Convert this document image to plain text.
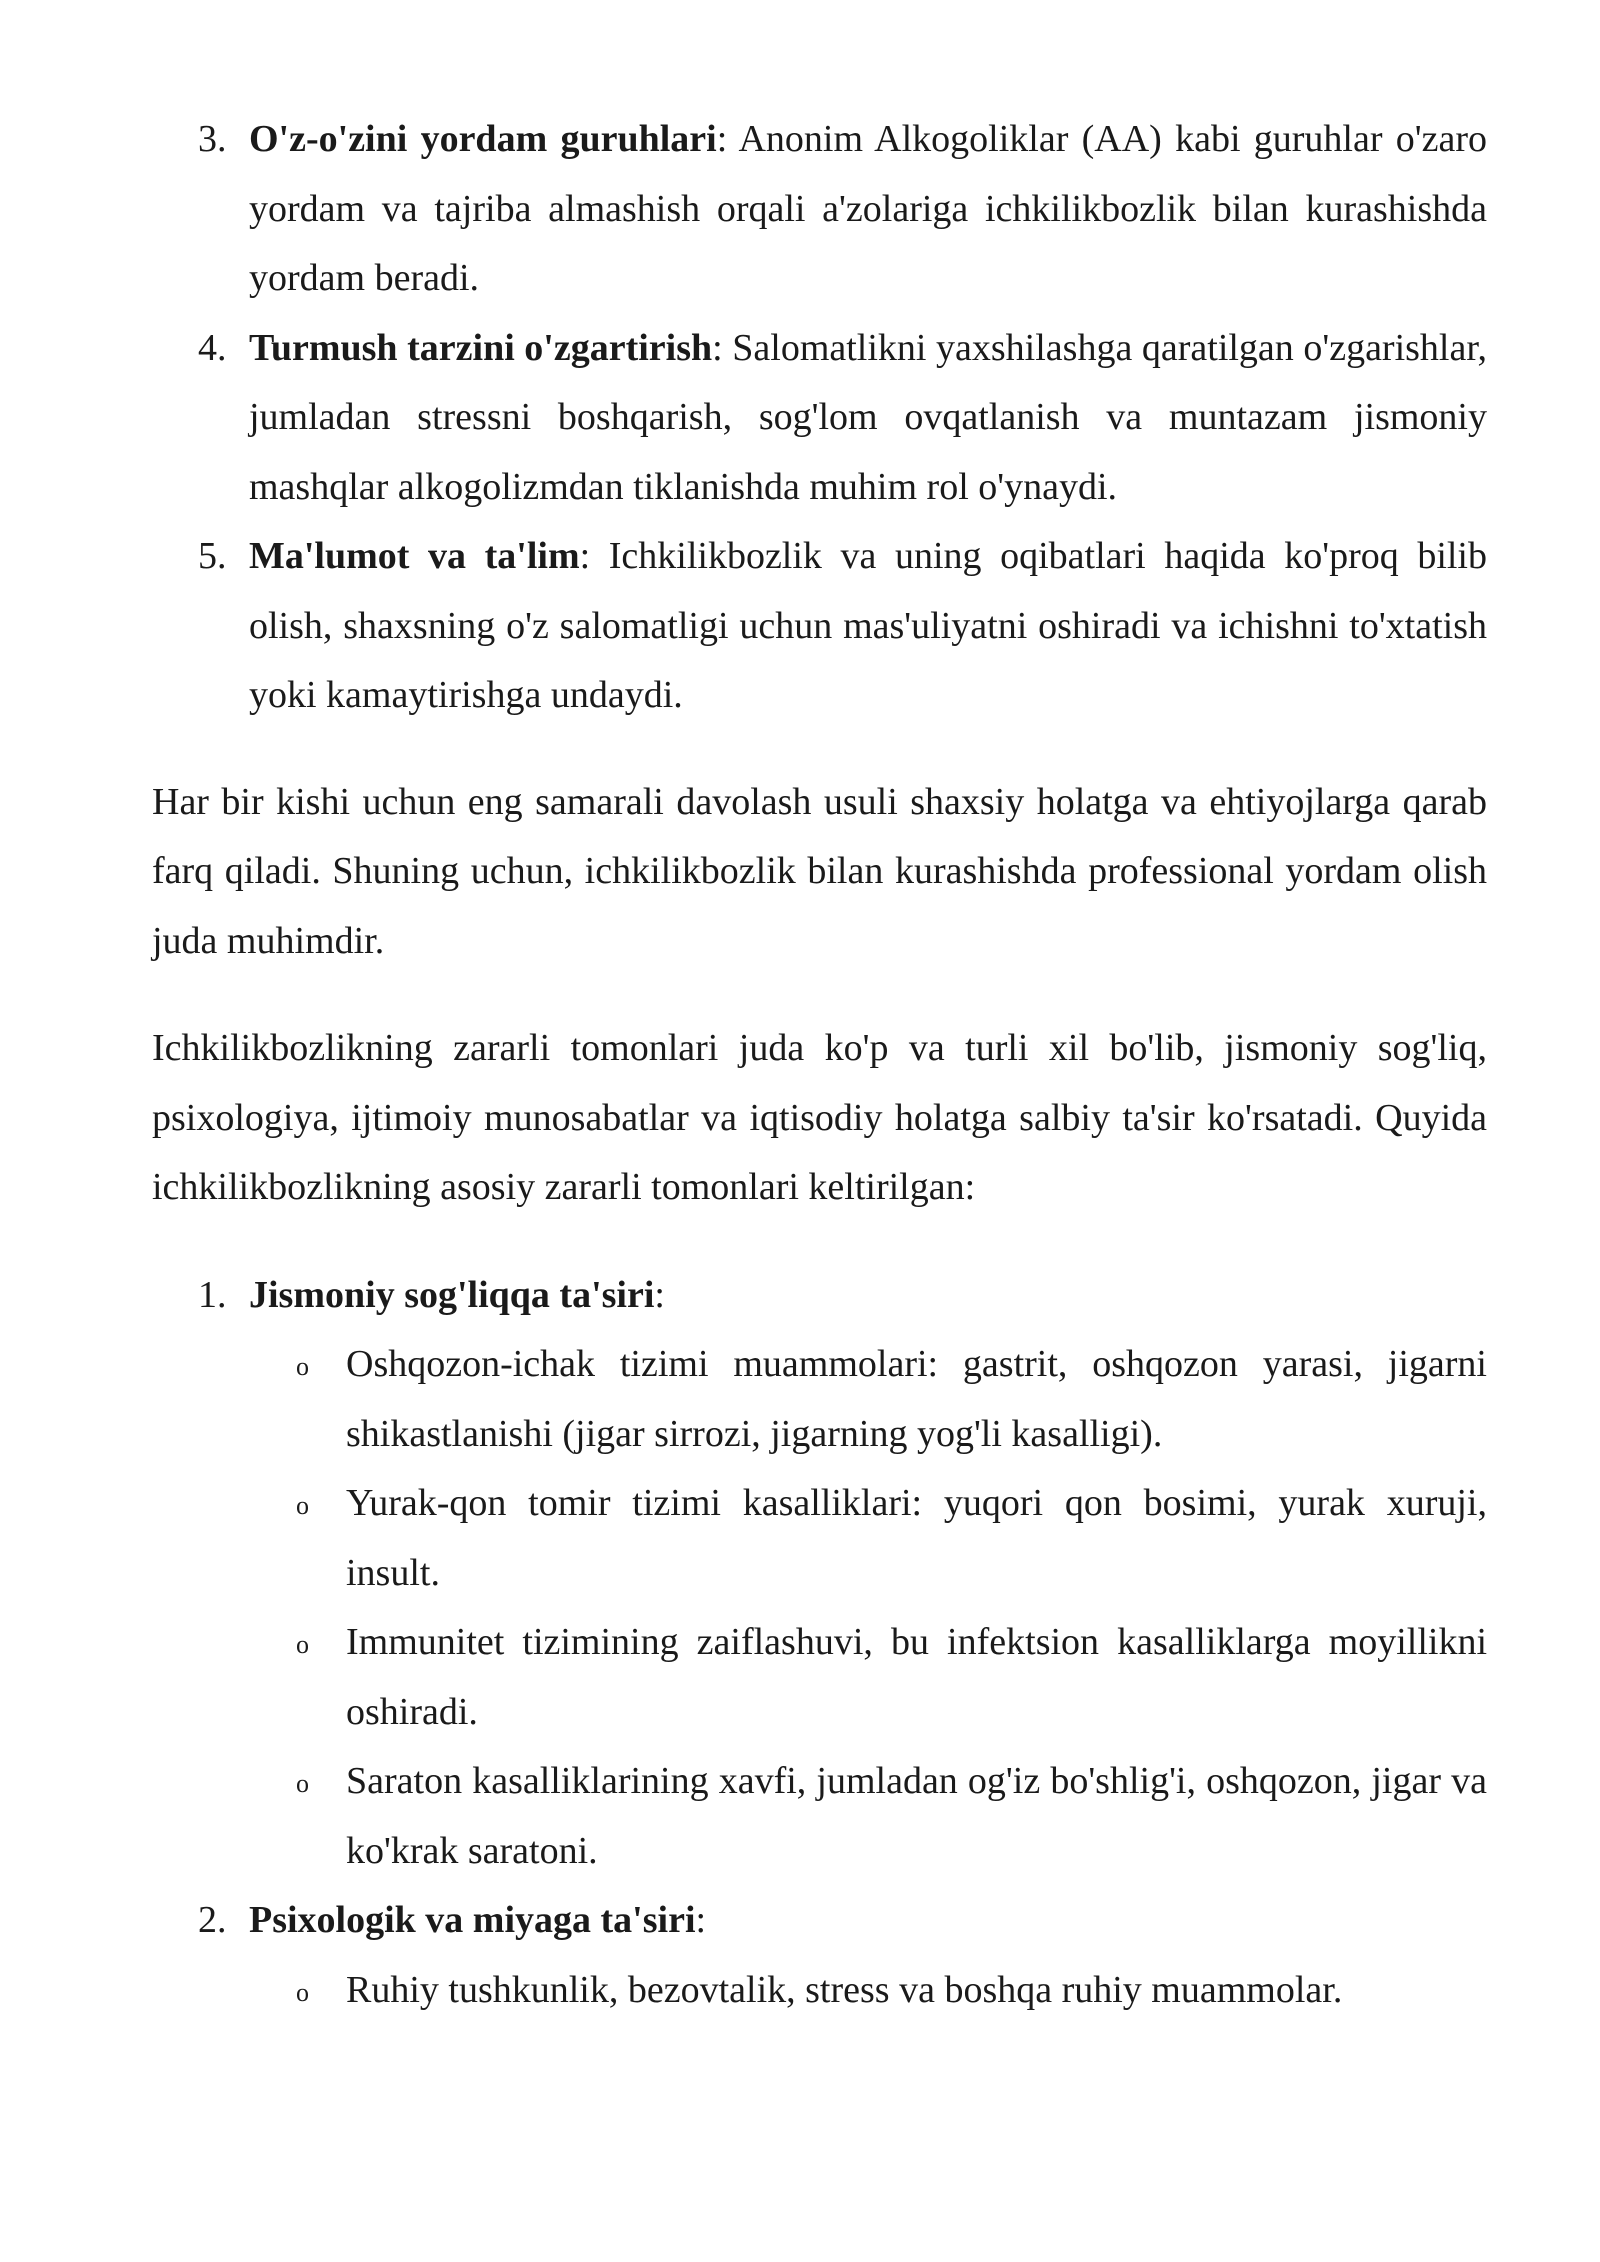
3. O'z-o'zini yordam guruhlari: Anonim Alkogoliklar (AA) kabi guruhlar o'zaro yordam va tajriba almashish orqali a'zolariga ichkilikbozlik bilan kurashishda yordam beradi.
4. Turmush tarzini o'zgartirish: Salomatlikni yaxshilashga qaratilgan o'zgarishlar, jumladan stressni boshqarish, sog'lom ovqatlanish va muntazam jismoniy mashqlar alkogolizmdan tiklanishda muhim rol o'ynaydi.
5. Ma'lumot va ta'lim: Ichkilikbozlik va uning oqibatlari haqida ko'proq bilib olish, shaxsning o'z salomatligi uchun mas'uliyatni oshiradi va ichishni to'xtatish yoki kamaytirishga undaydi.

Har bir kishi uchun eng samarali davolash usuli shaxsiy holatga va ehtiyojlarga qarab farq qiladi. Shuning uchun, ichkilikbozlik bilan kurashishda professional yordam olish juda muhimdir.

Ichkilikbozlikning zararli tomonlari juda ko'p va turli xil bo'lib, jismoniy sog'liq, psixologiya, ijtimoiy munosabatlar va iqtisodiy holatga salbiy ta'sir ko'rsatadi. Quyida ichkilikbozlikning asosiy zararli tomonlari keltirilgan:

1. Jismoniy sog'liqqa ta'siri:
o Oshqozon-ichak tizimi muammolari: gastrit, oshqozon yarasi, jigarni shikastlanishi (jigar sirrozi, jigarning yog'li kasalligi).
o Yurak-qon tomir tizimi kasalliklari: yuqori qon bosimi, yurak xuruji, insult.
o Immunitet tizimining zaiflashuvi, bu infektsion kasalliklarga moyillikni oshiradi.
o Saraton kasalliklarining xavfi, jumladan og'iz bo'shlig'i, oshqozon, jigar va ko'krak saratoni.
2. Psixologik va miyaga ta'siri:
o Ruhiy tushkunlik, bezovtalik, stress va boshqa ruhiy muammolar.
